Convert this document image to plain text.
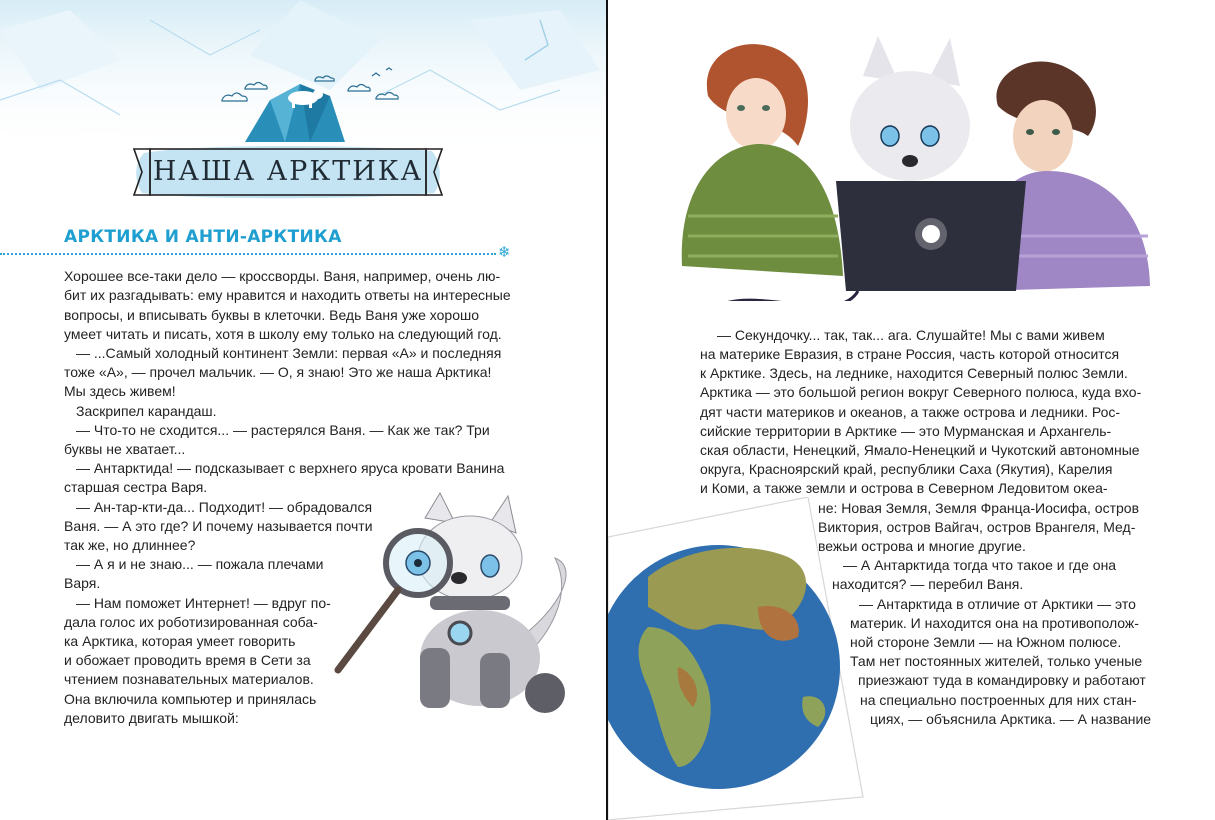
НАША АРКТИКА
АРКТИКА И АНТИ-АРКТИКА
❄

Хорошее все-таки дело — кроссворды. Ваня, например, очень лю-

бит их разгадывать: ему нравится и находить ответы на интересные

вопросы, и вписывать буквы в клеточки. Ведь Ваня уже хорошо

умеет читать и писать, хотя в школу ему только на следующий год.

— ...Самый холодный континент Земли: первая «А» и последняя

тоже «А», — прочел мальчик. — О, я знаю! Это же наша Арктика!

Мы здесь живем!

Заскрипел карандаш.

— Что-то не сходится... — растерялся Ваня. — Как же так? Три

буквы не хватает...

— Антарктида! — подсказывает с верхнего яруса кровати Ванина

старшая сестра Варя.

— Ан-тар-кти-да... Подходит! — обрадовался

Ваня. — А это где? И почему называется почти

так же, но длиннее?

— А я и не знаю... — пожала плечами

Варя.

— Нам поможет Интернет! — вдруг по-

дала голос их роботизированная соба-

ка Арктика, которая умеет говорить

и обожает проводить время в Сети за

чтением познавательных материалов.

Она включила компьютер и принялась

деловито двигать мышкой:

— Секундочку... так, так... ага. Слушайте! Мы с вами живем

на материке Евразия, в стране Россия, часть которой относится

к Арктике. Здесь, на леднике, находится Северный полюс Земли.

Арктика — это большой регион вокруг Северного полюса, куда вхо-

дят части материков и океанов, а также острова и ледники. Рос-

сийские территории в Арктике — это Мурманская и Архангель-

ская области, Ненецкий, Ямало-Ненецкий и Чукотский автономные

округа, Красноярский край, республики Саха (Якутия), Карелия

и Коми, а также земли и острова в Северном Ледовитом океа-

не: Новая Земля, Земля Франца-Иосифа, остров

Виктория, остров Вайгач, остров Врангеля, Мед-

вежьи острова и многие другие.

— А Антарктида тогда что такое и где она

находится? — перебил Ваня.

— Антарктида в отличие от Арктики — это

материк. И находится она на противополож-

ной стороне Земли — на Южном полюсе.

Там нет постоянных жителей, только ученые

приезжают туда в командировку и работают

на специально построенных для них стан-

циях, — объяснила Арктика. — А название
